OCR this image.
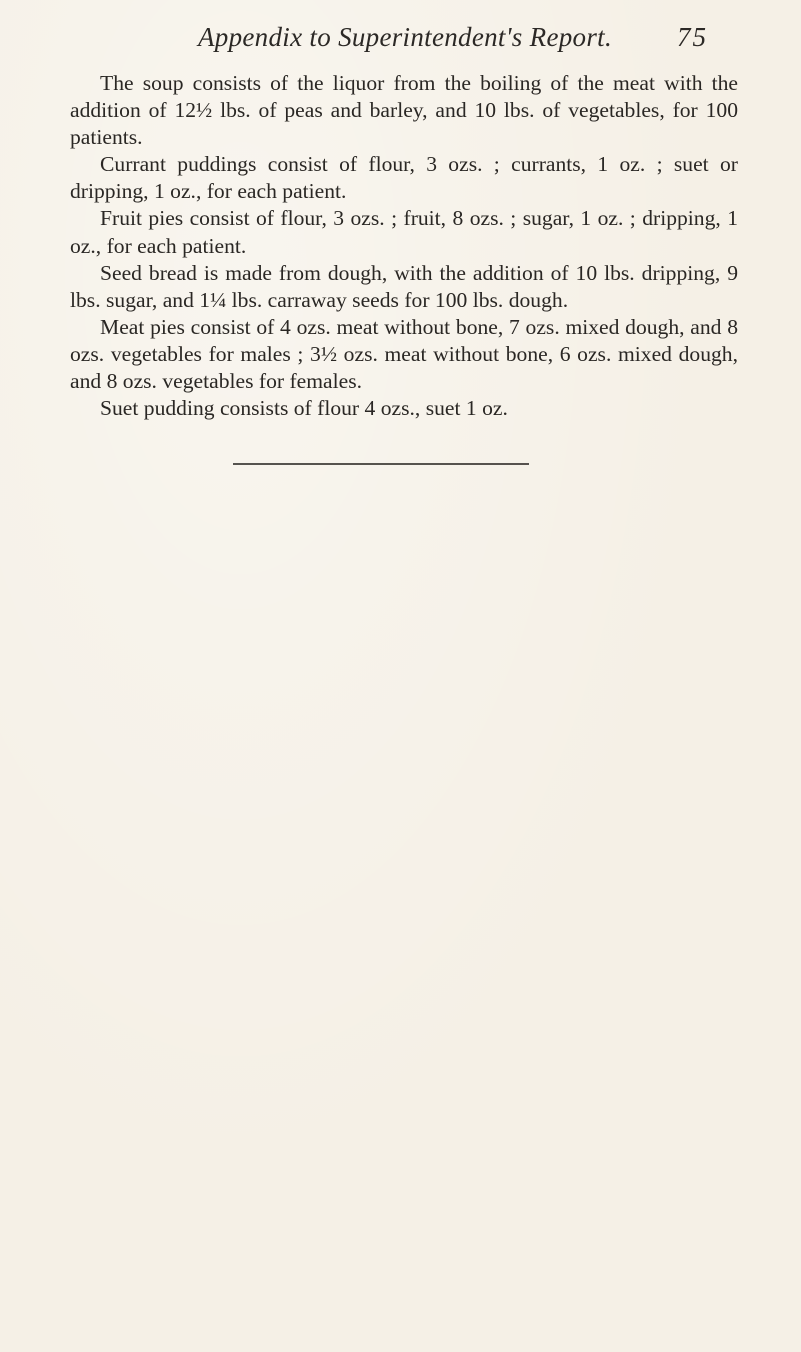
Appendix to Superintendent's Report. 75

The soup consists of the liquor from the boiling of the meat with the addition of 12½ lbs. of peas and barley, and 10 lbs. of vegetables, for 100 patients.

Currant puddings consist of flour, 3 ozs. ; currants, 1 oz. ; suet or dripping, 1 oz., for each patient.

Fruit pies consist of flour, 3 ozs. ; fruit, 8 ozs. ; sugar, 1 oz. ; dripping, 1 oz., for each patient.

Seed bread is made from dough, with the addition of 10 lbs. dripping, 9 lbs. sugar, and 1¼ lbs. carraway seeds for 100 lbs. dough.

Meat pies consist of 4 ozs. meat without bone, 7 ozs. mixed dough, and 8 ozs. vegetables for males ; 3½ ozs. meat without bone, 6 ozs. mixed dough, and 8 ozs. vegetables for females.

Suet pudding consists of flour 4 ozs., suet 1 oz.
